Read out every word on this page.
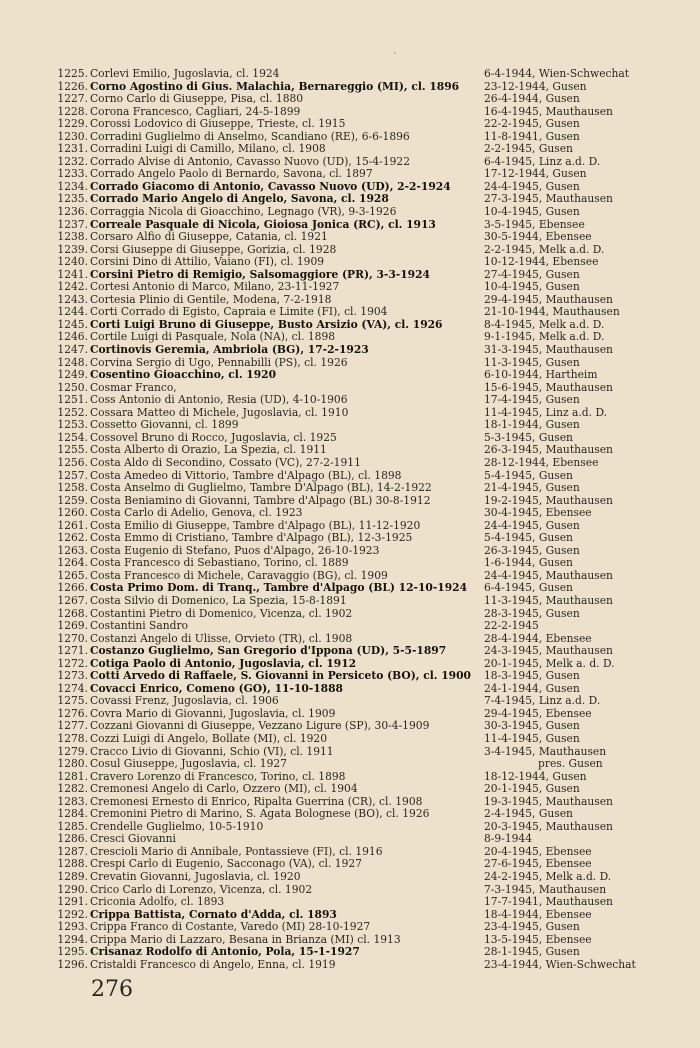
`
1225. Corlevi Emilio, Jugoslavia, cl. 1924	6-4-1944, Wien-Schwechat
1226. Corno Agostino di Gius. Malachia, Bernareggio (MI), cl. 1896	23-12-1944, Gusen
1227. Corno Carlo di Giuseppe, Pisa, cl. 1880	26-4-1944, Gusen
1228. Corona Francesco, Cagliari, 24-5-1899	16-4-1945, Mauthausen
1229. Corossi Lodovico di Giuseppe, Trieste, cl. 1915	22-2-1945, Gusen
1230. Corradini Guglielmo di Anselmo, Scandiano (RE), 6-6-1896	11-8-1941, Gusen
1231. Corradini Luigi di Camillo, Milano, cl. 1908	2-2-1945, Gusen
1232. Corrado Alvise di Antonio, Cavasso Nuovo (UD), 15-4-1922	6-4-1945, Linz a.d. D.
1233. Corrado Angelo Paolo di Bernardo, Savona, cl. 1897	17-12-1944, Gusen
1234. Corrado Giacomo di Antonio, Cavasso Nuovo (UD), 2-2-1924	24-4-1945, Gusen
1235. Corrado Mario Angelo di Angelo, Savona, cl. 1928	27-3-1945, Mauthausen
1236. Corraggia Nicola di Gioacchino, Legnago (VR), 9-3-1926	10-4-1945, Gusen
1237. Correale Pasquale di Nicola, Gioiosa Jonica (RC), cl. 1913	3-5-1945, Ebensee
1238. Corsaro Alfio di Giuseppe, Catania, cl. 1921	30-5-1944, Ebensee
1239. Corsi Giuseppe di Giuseppe, Gorizia, cl. 1928	2-2-1945, Melk a.d. D.
1240. Corsini Dino di Attilio, Vaiano (FI), cl. 1909	10-12-1944, Ebensee
1241. Corsini Pietro di Remigio, Salsomaggiore (PR), 3-3-1924	27-4-1945, Gusen
1242. Cortesi Antonio di Marco, Milano, 23-11-1927	10-4-1945, Gusen
1243. Cortesia Plinio di Gentile, Modena, 7-2-1918	29-4-1945, Mauthausen
1244. Corti Corrado di Egisto, Capraia e Limite (FI), cl. 1904	21-10-1944, Mauthausen
1245. Corti Luigi Bruno di Giuseppe, Busto Arsizio (VA), cl. 1926	8-4-1945, Melk a.d. D.
1246. Cortile Luigi di Pasquale, Nola (NA), cl. 1898	9-1-1945, Melk a.d. D.
1247. Cortinovis Geremia, Ambriola (BG), 17-2-1923	31-3-1945, Mauthausen
1248. Corvina Sergio di Ugo, Pennabilli (PS), cl. 1926	11-3-1945, Gusen
1249. Cosentino Gioacchino, cl. 1920	6-10-1944, Hartheim
1250. Cosmar Franco,	15-6-1945, Mauthausen
1251. Coss Antonio di Antonio, Resia (UD), 4-10-1906	17-4-1945, Gusen
1252. Cossara Matteo di Michele, Jugoslavia, cl. 1910	11-4-1945, Linz a.d. D.
1253. Cossetto Giovanni, cl. 1899	18-1-1944, Gusen
1254. Cossovel Bruno di Rocco, Jugoslavia, cl. 1925	5-3-1945, Gusen
1255. Costa Alberto di Orazio, La Spezia, cl. 1911	26-3-1945, Mauthausen
1256. Costa Aldo di Secondino, Cossato (VC), 27-2-1911	28-12-1944, Ebensee
1257. Costa Amedeo di Vittorio, Tambre d'Alpago (BL), cl. 1898	5-4-1945, Gusen
1258. Costa Anselmo di Guglielmo, Tambre D'Alpago (BL), 14-2-1922	21-4-1945, Gusen
1259. Costa Beniamino di Giovanni, Tambre d'Alpago (BL) 30-8-1912	19-2-1945, Mauthausen
1260. Costa Carlo di Adelio, Genova, cl. 1923	30-4-1945, Ebensee
1261. Costa Emilio di Giuseppe, Tambre d'Alpago (BL), 11-12-1920	24-4-1945, Gusen
1262. Costa Emmo di Cristiano, Tambre d'Alpago (BL), 12-3-1925	5-4-1945, Gusen
1263. Costa Eugenio di Stefano, Puos d'Alpago, 26-10-1923	26-3-1945, Gusen
1264. Costa Francesco di Sebastiano, Torino, cl. 1889	1-6-1944, Gusen
1265. Costa Francesco di Michele, Caravaggio (BG), cl. 1909	24-4-1945, Mauthausen
1266. Costa Primo Dom. di Tranq., Tambre d'Alpago (BL) 12-10-1924	6-4-1945, Gusen
1267. Costa Silvio di Domenico, La Spezia, 15-8-1891	11-3-1945, Mauthausen
1268. Costantini Pietro di Domenico, Vicenza, cl. 1902	28-3-1945, Gusen
1269. Costantini Sandro	22-2-1945
1270. Costanzi Angelo di Ulisse, Orvieto (TR), cl. 1908	28-4-1944, Ebensee
1271. Costanzo Guglielmo, San Gregorio d'Ippona (UD), 5-5-1897	24-3-1945, Mauthausen
1272. Cotiga Paolo di Antonio, Jugoslavia, cl. 1912	20-1-1945, Melk a. d. D.
1273. Cotti Arvedo di Raffaele, S. Giovanni in Persiceto (BO), cl. 1900	18-3-1945, Gusen
1274. Covacci Enrico, Comeno (GO), 11-10-1888	24-1-1944, Gusen
1275. Covassi Frenz, Jugoslavia, cl. 1906	7-4-1945, Linz a.d. D.
1276. Covra Mario di Giovanni, Jugoslavia, cl. 1909	29-4-1945, Ebensee
1277. Cozzani Giovanni di Giuseppe, Vezzano Ligure (SP), 30-4-1909	30-3-1945, Gusen
1278. Cozzi Luigi di Angelo, Bollate (MI), cl. 1920	11-4-1945, Gusen
1279. Cracco Livio di Giovanni, Schio (VI), cl. 1911	3-4-1945, Mauthausen
1280. Cosul Giuseppe, Jugoslavia, cl. 1927	pres. Gusen
1281. Cravero Lorenzo di Francesco, Torino, cl. 1898	18-12-1944, Gusen
1282. Cremonesi Angelo di Carlo, Ozzero (MI), cl. 1904	20-1-1945, Gusen
1283. Cremonesi Ernesto di Enrico, Ripalta Guerrina (CR), cl. 1908	19-3-1945, Mauthausen
1284. Cremonini Pietro di Marino, S. Agata Bolognese (BO), cl. 1926	2-4-1945, Gusen
1285. Crendelle Guglielmo, 10-5-1910	20-3-1945, Mauthausen
1286. Cresci Giovanni	8-9-1944
1287. Crescioli Mario di Annibale, Pontassieve (FI), cl. 1916	20-4-1945, Ebensee
1288. Crespi Carlo di Eugenio, Sacconago (VA), cl. 1927	27-6-1945, Ebensee
1289. Crevatin Giovanni, Jugoslavia, cl. 1920	24-2-1945, Melk a.d. D.
1290. Crico Carlo di Lorenzo, Vicenza, cl. 1902	7-3-1945, Mauthausen
1291. Criconia Adolfo, cl. 1893	17-7-1941, Mauthausen
1292. Crippa Battista, Cornato d'Adda, cl. 1893	18-4-1944, Ebensee
1293. Crippa Franco di Costante, Varedo (MI) 28-10-1927	23-4-1945, Gusen
1294. Crippa Mario di Lazzaro, Besana in Brianza (MI) cl. 1913	13-5-1945, Ebensee
1295. Crisanaz Rodolfo di Antonio, Pola, 15-1-1927	28-1-1945, Gusen
1296. Cristaldi Francesco di Angelo, Enna, cl. 1919	23-4-1944, Wien-Schwechat
276
